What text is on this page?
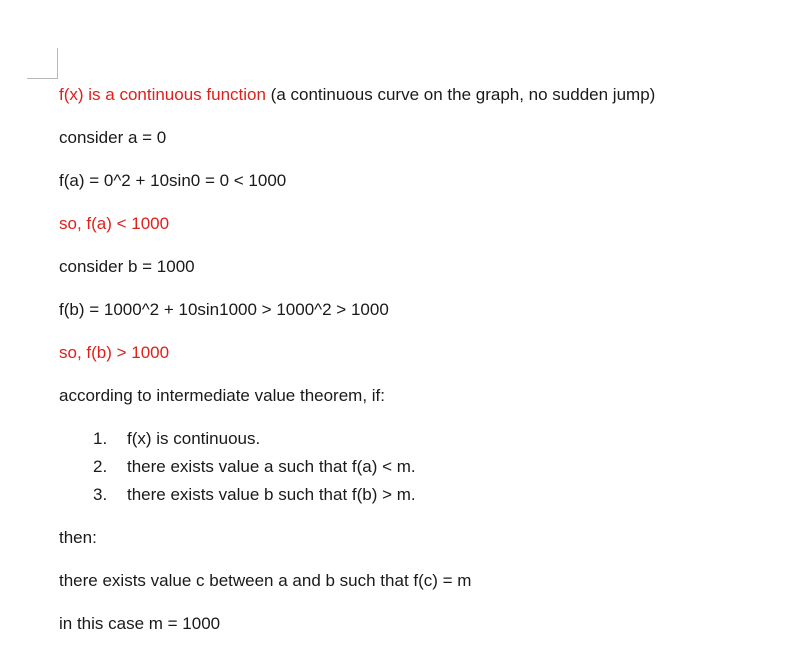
f(x) is a continuous function (a continuous curve on the graph, no sudden jump)
consider a = 0
f(a) = 0^2 + 10sin0 = 0 < 1000
so, f(a) < 1000
consider b = 1000
f(b) = 1000^2 + 10sin1000 > 1000^2 > 1000
so, f(b) > 1000
according to intermediate value theorem, if:
1. f(x) is continuous.
2. there exists value a such that f(a) < m.
3. there exists value b such that f(b) > m.
then:
there exists value c between a and b such that f(c) = m
in this case m = 1000
